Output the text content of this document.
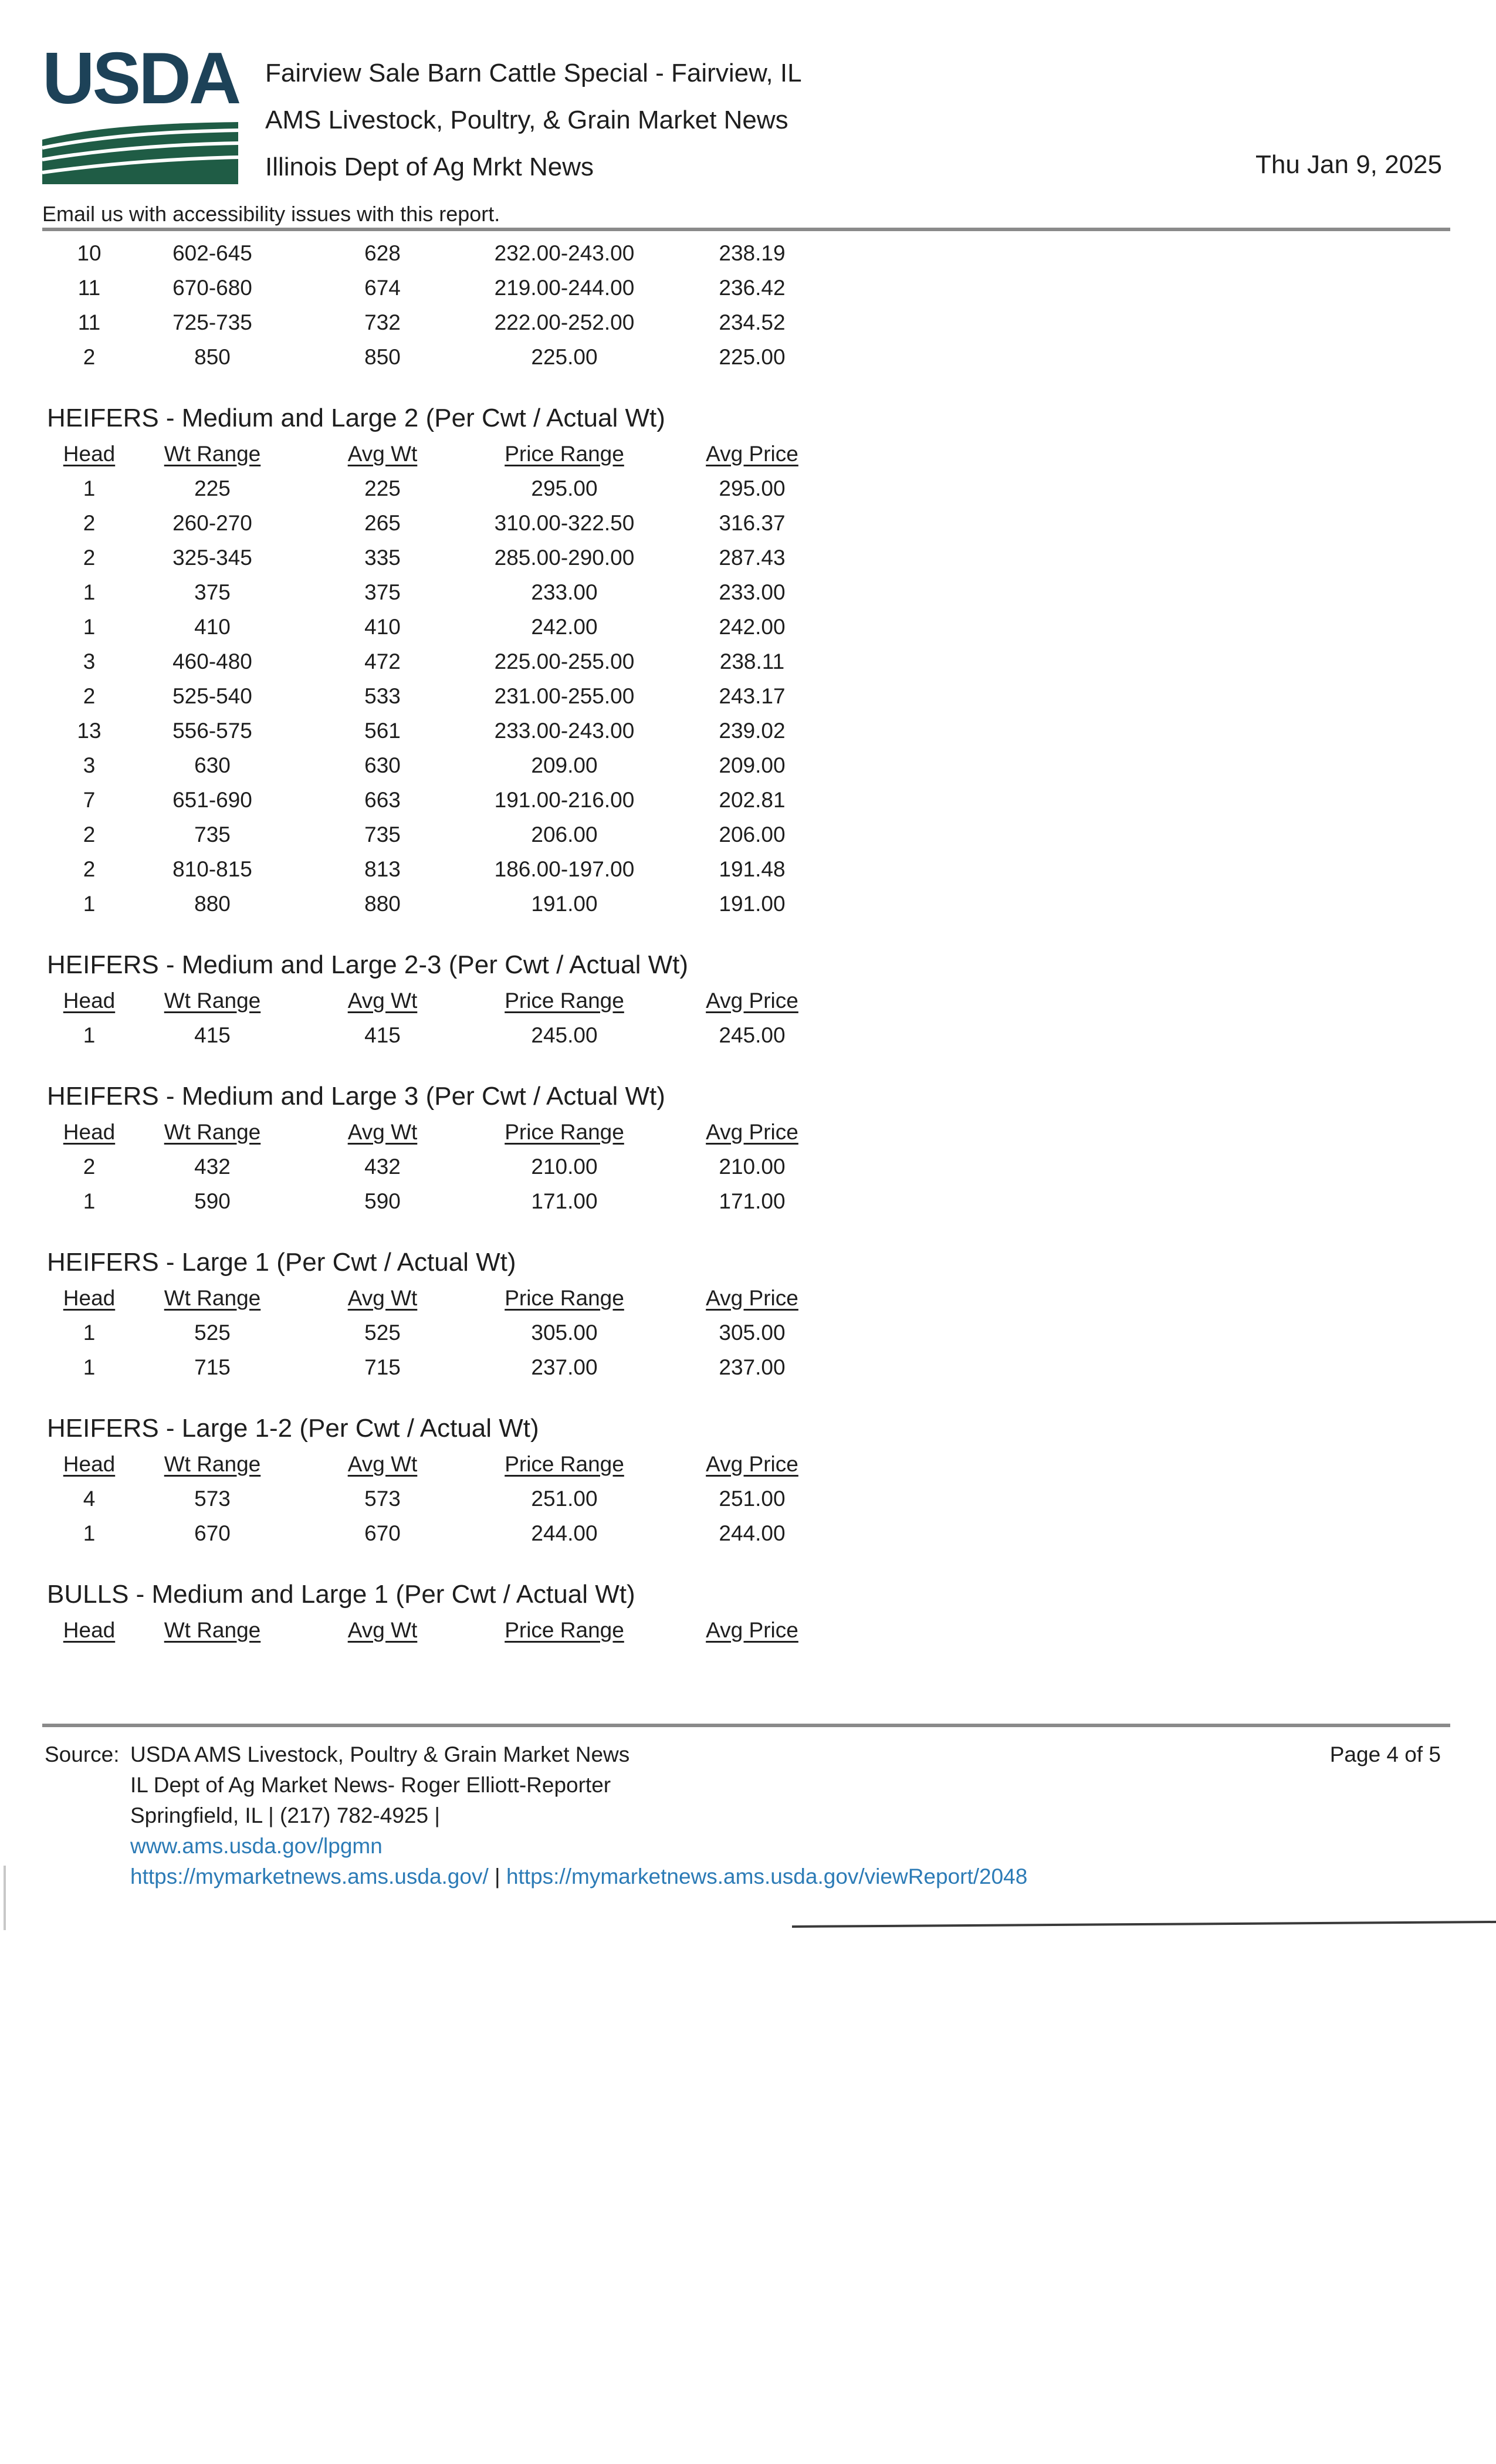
USDA Fairview Sale Barn Cattle Special - Fairview, IL
AMS Livestock, Poultry, & Grain Market News
Illinois Dept of Ag Mrkt News	Thu Jan 9, 2025
Email us with accessibility issues with this report.
10	602-645	628	232.00-243.00	238.19
11	670-680	674	219.00-244.00	236.42
11	725-735	732	222.00-252.00	234.52
2	850	850	225.00	225.00
HEIFERS - Medium and Large 2 (Per Cwt / Actual Wt)
Head	Wt Range	Avg Wt	Price Range	Avg Price
1	225	225	295.00	295.00
2	260-270	265	310.00-322.50	316.37
2	325-345	335	285.00-290.00	287.43
1	375	375	233.00	233.00
1	410	410	242.00	242.00
3	460-480	472	225.00-255.00	238.11
2	525-540	533	231.00-255.00	243.17
13	556-575	561	233.00-243.00	239.02
3	630	630	209.00	209.00
7	651-690	663	191.00-216.00	202.81
2	735	735	206.00	206.00
2	810-815	813	186.00-197.00	191.48
1	880	880	191.00	191.00
HEIFERS - Medium and Large 2-3 (Per Cwt / Actual Wt)
Head	Wt Range	Avg Wt	Price Range	Avg Price
1	415	415	245.00	245.00
HEIFERS - Medium and Large 3 (Per Cwt / Actual Wt)
Head	Wt Range	Avg Wt	Price Range	Avg Price
2	432	432	210.00	210.00
1	590	590	171.00	171.00
HEIFERS - Large 1 (Per Cwt / Actual Wt)
Head	Wt Range	Avg Wt	Price Range	Avg Price
1	525	525	305.00	305.00
1	715	715	237.00	237.00
HEIFERS - Large 1-2 (Per Cwt / Actual Wt)
Head	Wt Range	Avg Wt	Price Range	Avg Price
4	573	573	251.00	251.00
1	670	670	244.00	244.00
BULLS - Medium and Large 1 (Per Cwt / Actual Wt)
Head	Wt Range	Avg Wt	Price Range	Avg Price
Source: USDA AMS Livestock, Poultry & Grain Market News
IL Dept of Ag Market News- Roger Elliott-Reporter
Springfield, IL | (217) 782-4925 |
www.ams.usda.gov/lpgmn
https://mymarketnews.ams.usda.gov/ | https://mymarketnews.ams.usda.gov/viewReport/2048
Page 4 of 5
